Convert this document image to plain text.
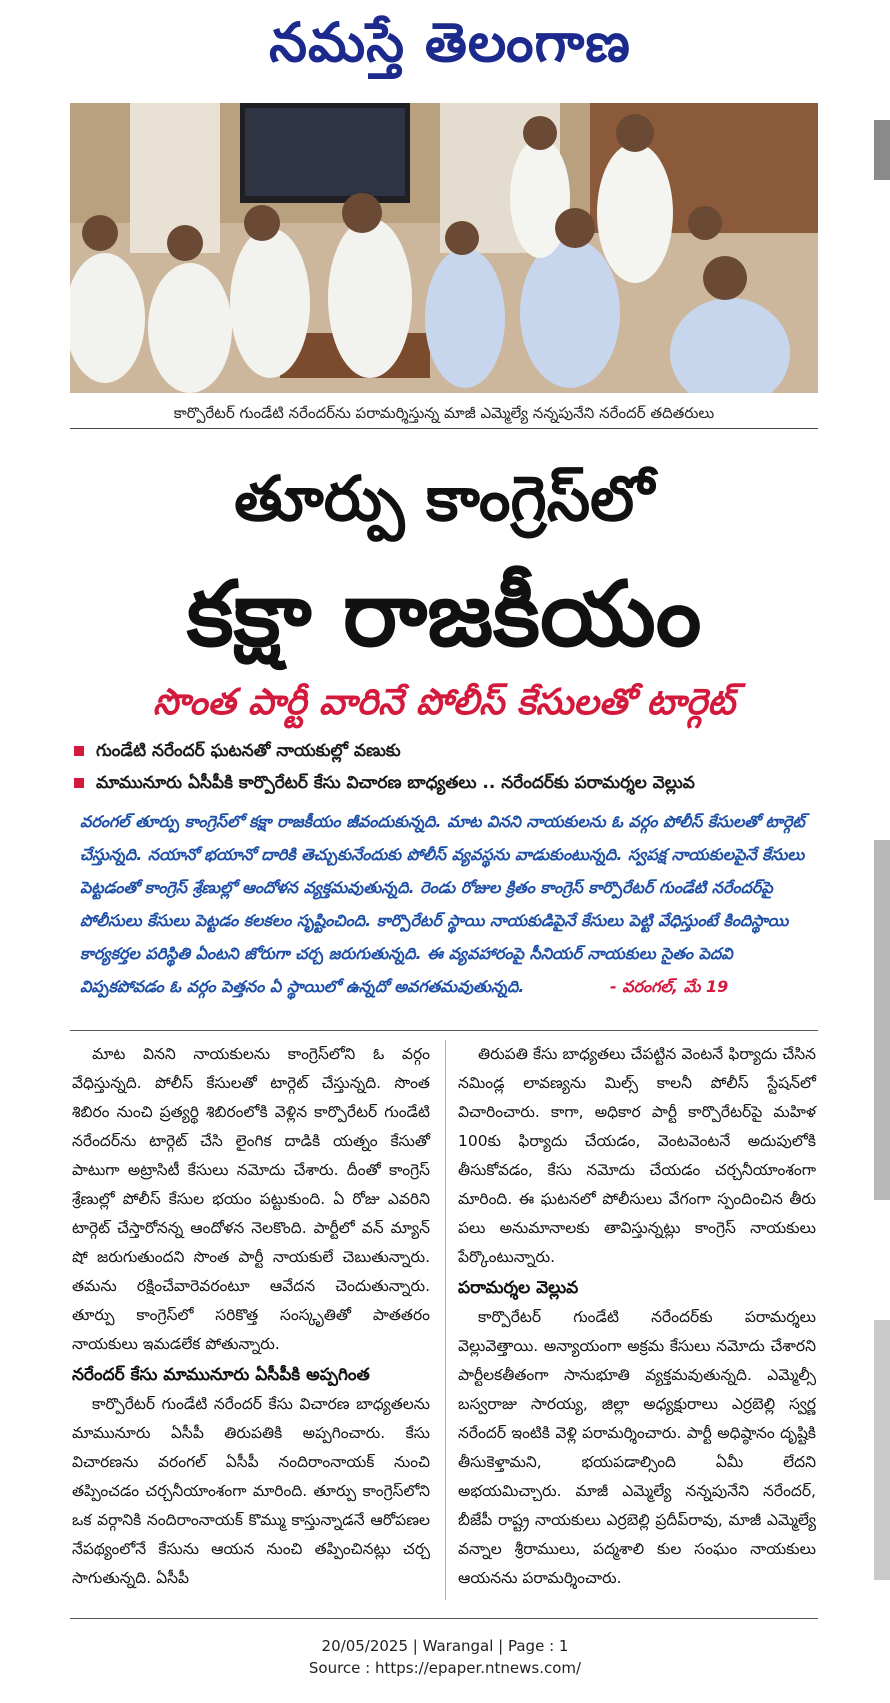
నమస్తే తెలంగాణ
కార్పొరేటర్ గుండేటి నరేందర్‌ను పరామర్శిస్తున్న మాజీ ఎమ్మెల్యే నన్నపునేని నరేందర్ తదితరులు
తూర్పు కాంగ్రెస్‌లో
కక్షా రాజకీయం
సొంత పార్టీ వారినే పోలీస్ కేసులతో టార్గెట్
గుండేటి నరేందర్ ఘటనతో నాయకుల్లో వణుకు
మామునూరు ఏసీపీకి కార్పొరేటర్ కేసు విచారణ బాధ్యతలు .. నరేందర్‌కు పరామర్శల వెల్లువ

వరంగల్ తూర్పు కాంగ్రెస్‌లో కక్షా రాజకీయం జీవందుకున్నది. మాట వినని నాయకులను ఓ వర్గం పోలీస్ కేసులతో టార్గెట్ చేస్తున్నది. నయానో భయానో దారికి తెచ్చుకునేందుకు పోలీస్ వ్యవస్థను వాడుకుంటున్నది. స్వపక్ష నాయకులపైనే కేసులు పెట్టడంతో కాంగ్రెస్ శ్రేణుల్లో ఆందోళన వ్యక్తమవుతున్నది. రెండు రోజుల క్రితం కాంగ్రెస్ కార్పొరేటర్ గుండేటి నరేందర్‌పై పోలీసులు కేసులు పెట్టడం కలకలం సృష్టించింది. కార్పొరేటర్ స్థాయి నాయకుడిపైనే కేసులు పెట్టి వేధిస్తుంటే కిందిస్థాయి కార్యకర్తల పరిస్థితి ఏంటని జోరుగా చర్చ జరుగుతున్నది. ఈ వ్యవహారంపై సీనియర్ నాయకులు సైతం పెదవి విప్పకపోవడం ఓ వర్గం పెత్తనం ఏ స్థాయిలో ఉన్నదో అవగతమవుతున్నది.	- వరంగల్, మే 19

మాట వినని నాయకులను కాంగ్రెస్‌లోని ఓ వర్గం వేధిస్తున్నది. పోలీస్ కేసులతో టార్గెట్ చేస్తున్నది. సొంత శిబిరం నుంచి ప్రత్యర్థి శిబిరంలోకి వెళ్లిన కార్పొరేటర్ గుండేటి నరేందర్‌ను టార్గెట్ చేసి లైంగిక దాడికి యత్నం కేసుతో పాటుగా అట్రాసిటీ కేసులు నమోదు చేశారు. దీంతో కాంగ్రెస్ శ్రేణుల్లో పోలీస్ కేసుల భయం పట్టుకుంది. ఏ రోజు ఎవరిని టార్గెట్ చేస్తారోనన్న ఆందోళన నెలకొంది. పార్టీలో వన్ మ్యాన్ షో జరుగుతుందని సొంత పార్టీ నాయకులే చెబుతున్నారు. తమను రక్షించేవారెవరంటూ ఆవేదన చెందుతున్నారు. తూర్పు కాంగ్రెస్‌లో సరికొత్త సంస్కృతితో పాతతరం నాయకులు ఇమడలేక పోతున్నారు.

నరేందర్ కేసు మామునూరు ఏసీపీకి అప్పగింత

కార్పొరేటర్ గుండేటి నరేందర్ కేసు విచారణ బాధ్యతలను మామునూరు ఏసీపీ తిరుపతికి అప్పగించారు. కేసు విచారణను వరంగల్ ఏసీపీ నందిరాంనాయక్ నుంచి తప్పించడం చర్చనీయాంశంగా మారింది. తూర్పు కాంగ్రెస్‌లోని ఒక వర్గానికి నందిరాంనాయక్ కొమ్ము కాస్తున్నాడనే ఆరోపణల నేపథ్యంలోనే కేసును ఆయన నుంచి తప్పించినట్లు చర్చ సాగుతున్నది. ఏసీపీ

తిరుపతి కేసు బాధ్యతలు చేపట్టిన వెంటనే ఫిర్యాదు చేసిన నమిండ్ల లావణ్యను మిల్స్ కాలనీ పోలీస్ స్టేషన్‌లో విచారించారు. కాగా, అధికార పార్టీ కార్పొరేటర్‌పై మహిళ 100కు ఫిర్యాదు చేయడం, వెంటవెంటనే అదుపులోకి తీసుకోవడం, కేసు నమోదు చేయడం చర్చనీయాంశంగా మారింది. ఈ ఘటనలో పోలీసులు వేగంగా స్పందించిన తీరు పలు అనుమానాలకు తావిస్తున్నట్లు కాంగ్రెస్ నాయకులు పేర్కొంటున్నారు.

పరామర్శల వెల్లువ

కార్పొరేటర్ గుండేటి నరేందర్‌కు పరామర్శలు వెల్లువెత్తాయి. అన్యాయంగా అక్రమ కేసులు నమోదు చేశారని పార్టీలకతీతంగా సానుభూతి వ్యక్తమవుతున్నది. ఎమ్మెల్సీ బస్వరాజు సారయ్య, జిల్లా అధ్యక్షురాలు ఎర్రబెల్లి స్వర్ణ నరేందర్ ఇంటికి వెళ్లి పరామర్శించారు. పార్టీ అధిష్ఠానం దృష్టికి తీసుకెళ్తామని, భయపడాల్సింది ఏమీ లేదని అభయమిచ్చారు. మాజీ ఎమ్మెల్యే నన్నపునేని నరేందర్, బీజేపీ రాష్ట్ర నాయకులు ఎర్రబెల్లి ప్రదీప్‌రావు, మాజీ ఎమ్మెల్యే వన్నాల శ్రీరాములు, పద్మశాలి కుల సంఘం నాయకులు ఆయనను పరామర్శించారు.

20/05/2025 | Warangal | Page : 1
Source : https://epaper.ntnews.com/
